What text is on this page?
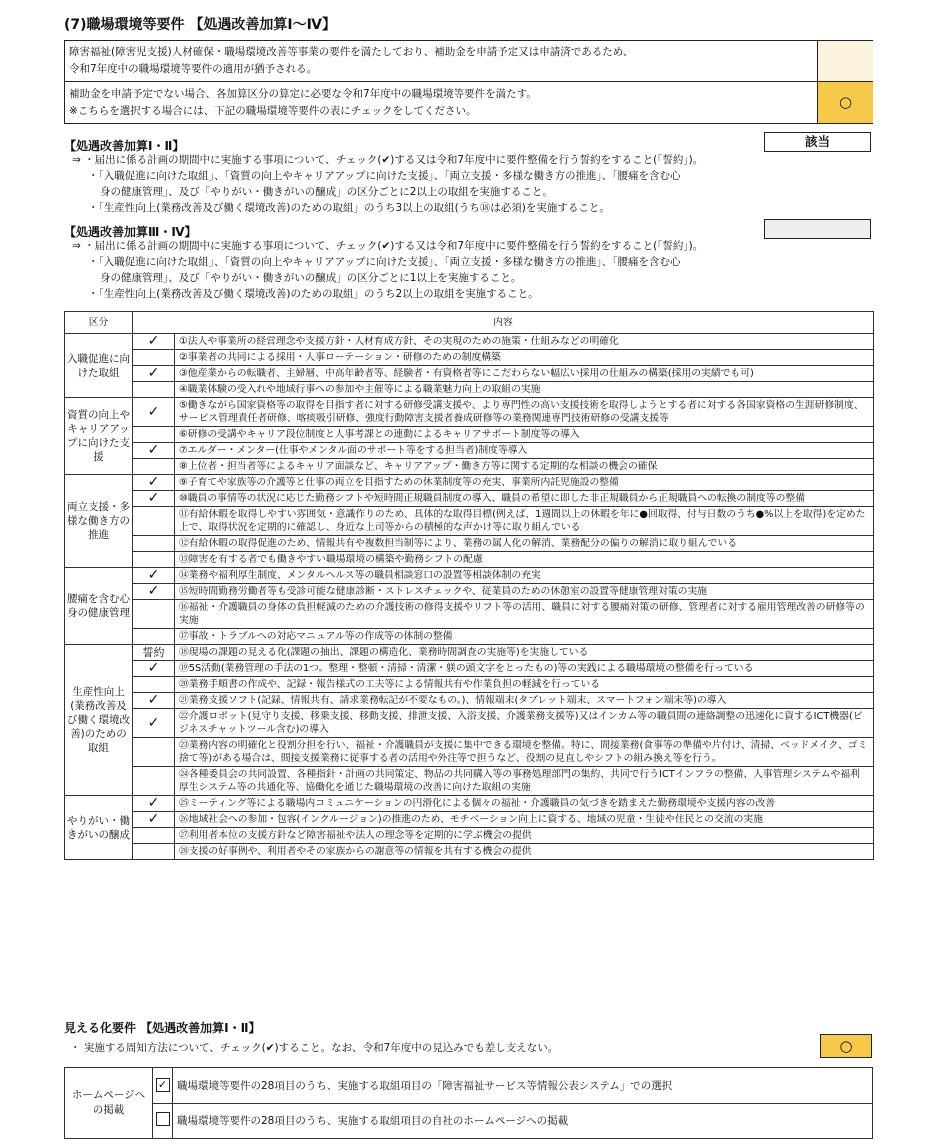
(7)職場環境等要件 【処遇改善加算Ⅰ～Ⅳ】
障害福祉(障害児支援)人材確保・職場環境改善等事業の要件を満たしており、補助金を申請予定又は申請済であるため、
令和7年度中の職場環境等要件の適用が猶予される。
補助金を申請予定でない場合、各加算区分の算定に必要な令和7年度中の職場環境等要件を満たす。
※こちらを選択する場合には、下記の職場環境等要件の表にチェックをしてください。	○
【処遇改善加算Ⅰ・Ⅱ】	該当
⇒ ・届出に係る計画の期間中に実施する事項について、チェック(✔)する又は令和7年度中に要件整備を行う誓約をすること(「誓約」)。
・「入職促進に向けた取組」、「資質の向上やキャリアアップに向けた支援」、「両立支援・多様な働き方の推進」、「腰痛を含む心
身の健康管理」、及び「やりがい・働きがいの醸成」の区分ごとに2以上の取組を実施すること。
・「生産性向上(業務改善及び働く環境改善)のための取組」のうち3以上の取組(うち⑱は必須)を実施すること。
【処遇改善加算Ⅲ・Ⅳ】
⇒ ・届出に係る計画の期間中に実施する事項について、チェック(✔)する又は令和7年度中に要件整備を行う誓約をすること(「誓約」)。
・「入職促進に向けた取組」、「資質の向上やキャリアアップに向けた支援」、「両立支援・多様な働き方の推進」、「腰痛を含む心
身の健康管理」、及び「やりがい・働きがいの醸成」の区分ごとに1以上を実施すること。
・「生産性向上(業務改善及び働く環境改善)のための取組」のうち2以上の取組を実施すること。
区分	内容	
入職促進に向けた取組	✓	①法人や事業所の経営理念や支援方針・人材育成方針、その実現のための施策・仕組みなどの明確化
		②事業者の共同による採用・人事ローテーション・研修のための制度構築
	✓	③他産業からの転職者、主婦層、中高年齢者等、経験者・有資格者等にこだわらない幅広い採用の仕組みの構築(採用の実績でも可)
		④職業体験の受入れや地域行事への参加や主催等による職業魅力向上の取組の実施
資質の向上やキャリアアップに向けた支援	✓	⑤働きながら国家資格等の取得を目指す者に対する研修受講支援や、より専門性の高い支援技術を取得しようとする者に対する各国家資格の生涯研修制度、サービス管理責任者研修、喀痰吸引研修、強度行動障害支援者養成研修等の業務関連専門技術研修の受講支援等
		⑥研修の受講やキャリア段位制度と人事考課との連動によるキャリアサポート制度等の導入
	✓	⑦エルダー・メンター(仕事やメンタル面のサポート等をする担当者)制度等導入
		⑧上位者・担当者等によるキャリア面談など、キャリアアップ・働き方等に関する定期的な相談の機会の確保
両立支援・多様な働き方の推進	✓	⑨子育てや家族等の介護等と仕事の両立を目指すための休業制度等の充実、事業所内託児施設の整備
	✓	⑩職員の事情等の状況に応じた勤務シフトや短時間正規職員制度の導入、職員の希望に即した非正規職員から正規職員への転換の制度等の整備
		⑪有給休暇を取得しやすい雰囲気・意識作りのため、具体的な取得目標(例えば、1週間以上の休暇を年に●回取得、付与日数のうち●%以上を取得)を定めた上で、取得状況を定期的に確認し、身近な上司等からの積極的な声かけ等に取り組んでいる
		⑫有給休暇の取得促進のため、情報共有や複数担当制等により、業務の属人化の解消、業務配分の偏りの解消に取り組んでいる
		⑬障害を有する者でも働きやすい職場環境の構築や勤務シフトの配慮
腰痛を含む心身の健康管理	✓	⑭業務や福利厚生制度、メンタルヘルス等の職員相談窓口の設置等相談体制の充実
	✓	⑮短時間勤務労働者等も受診可能な健康診断・ストレスチェックや、従業員のための休憩室の設置等健康管理対策の実施
		⑯福祉・介護職員の身体の負担軽減のための介護技術の修得支援やリフト等の活用、職員に対する腰痛対策の研修、管理者に対する雇用管理改善の研修等の実施
		⑰事故・トラブルへの対応マニュアル等の作成等の体制の整備
生産性向上(業務改善及び働く環境改善)のための取組	誓約	⑱現場の課題の見える化(課題の抽出、課題の構造化、業務時間調査の実施等)を実施している
	✓	⑲5S活動(業務管理の手法の1つ。整理・整頓・清掃・清潔・躾の頭文字をとったもの)等の実践による職場環境の整備を行っている
		⑳業務手順書の作成や、記録・報告様式の工夫等による情報共有や作業負担の軽減を行っている
	✓	㉑業務支援ソフト(記録、情報共有、請求業務転記が不要なもの。)、情報端末(タブレット端末、スマートフォン端末等)の導入
	✓	㉒介護ロボット(見守り支援、移乗支援、移動支援、排泄支援、入浴支援、介護業務支援等)又はインカム等の職員間の連絡調整の迅速化に資するICT機器(ビジネスチャットツール含む)の導入
		㉓業務内容の明確化と役割分担を行い、福祉・介護職員が支援に集中できる環境を整備。特に、間接業務(食事等の準備や片付け、清掃、ベッドメイク、ゴミ捨て等)がある場合は、間接支援業務に従事する者の活用や外注等で担うなど、役割の見直しやシフトの組み換え等を行う。
		㉔各種委員会の共同設置、各種指針・計画の共同策定、物品の共同購入等の事務処理部門の集約、共同で行うICTインフラの整備、人事管理システムや福利厚生システム等の共通化等、協働化を通じた職場環境の改善に向けた取組の実施
やりがい・働きがいの醸成	✓	㉕ミーティング等による職場内コミュニケーションの円滑化による個々の福祉・介護職員の気づきを踏まえた勤務環境や支援内容の改善
	✓	㉖地域社会への参加・包容(インクルージョン)の推進のため、モチベーション向上に資する、地域の児童・生徒や住民との交流の実施
		㉗利用者本位の支援方針など障害福祉や法人の理念等を定期的に学ぶ機会の提供
		㉘支援の好事例や、利用者やその家族からの謝意等の情報を共有する機会の提供
見える化要件 【処遇改善加算Ⅰ・Ⅱ】
・ 実施する周知方法について、チェック(✔)すること。なお、令和7年度中の見込みでも差し支えない。	○
ホームページへの掲載	✓	職場環境等要件の28項目のうち、実施する取組項目の「障害福祉サービス等情報公表システム」での選択
		職場環境等要件の28項目のうち、実施する取組項目の自社のホームページへの掲載
